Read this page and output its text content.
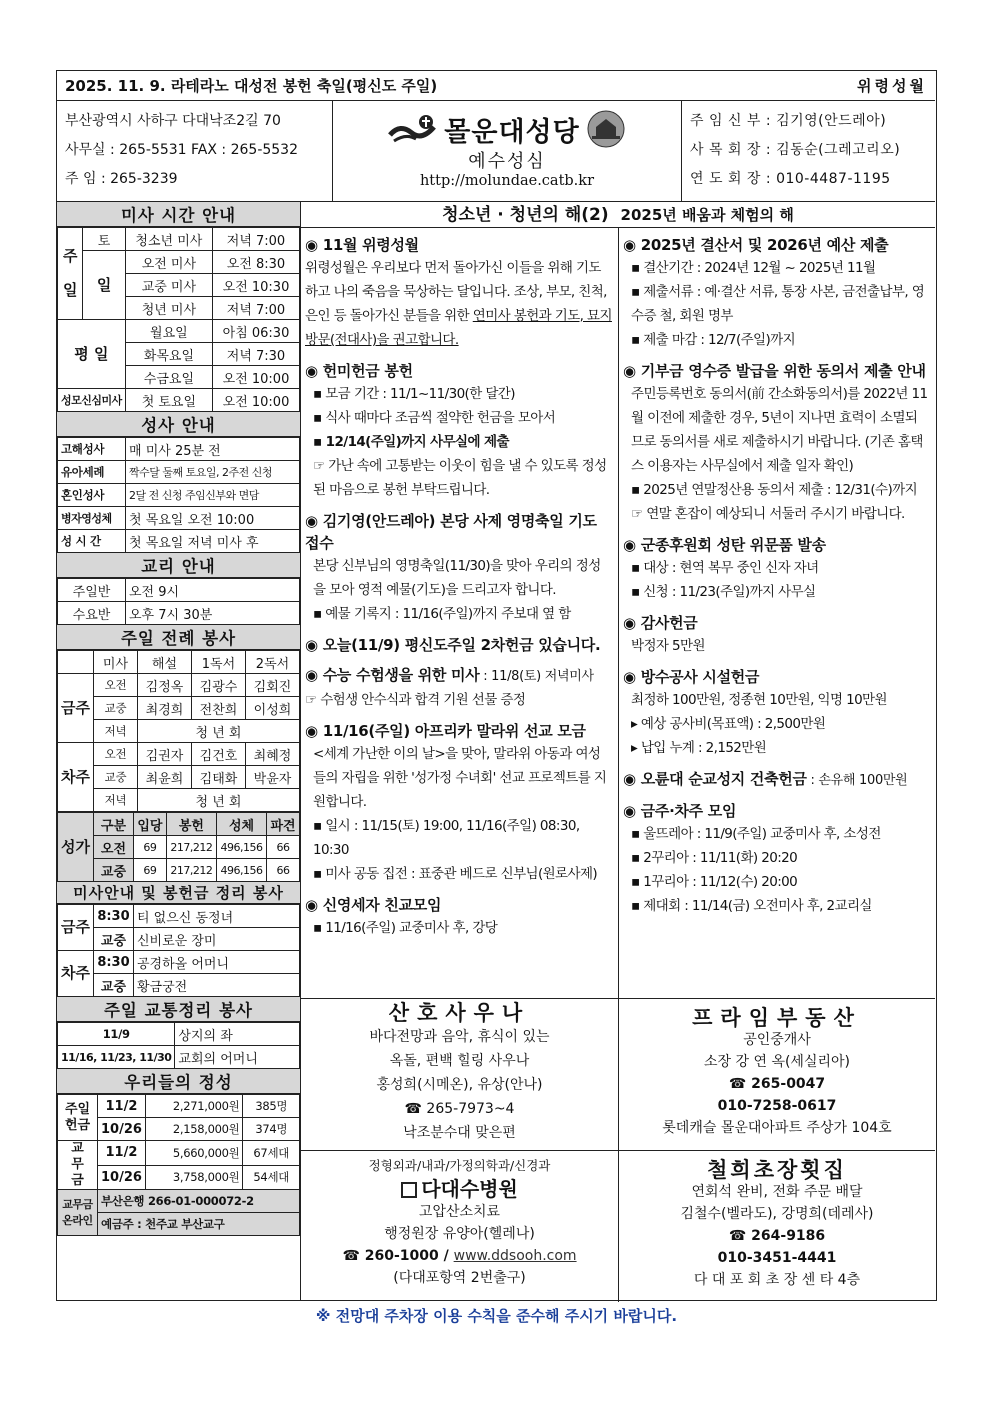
2025. 11. 9. 라테라노 대성전 봉헌 축일(평신도 주일)	위령성월
부산광역시 사하구 다대낙조2길 70
사무실 : 265-5531 FAX : 265-5532
주 임 : 265-3239
몰운대성당
예수성심
http://molundae.catb.kr
주 임 신 부 : 김기영(안드레아)
사 목 회 장 : 김동순(그레고리오)
연 도 회 장 : 010-4487-1195
미사 시간 안내
주

일	토	청소년 미사	저녁 7:00
	일	오전 미사	오전 8:30
		교중 미사	오전 10:30
		청년 미사	저녁 7:00
평 일		월요일	아침 06:30
		화목요일	저녁 7:30
		수금요일	오전 10:00
성모신심미사		첫 토요일	오전 10:00
성사 안내
고해성사	매 미사 25분 전
유아세례	짝수달 둘째 토요일, 2주전 신청
혼인성사	2달 전 신청 주임신부와 면담
병자영성체	첫 목요일 오전 10:00
성 시 간	첫 목요일 저녁 미사 후
교리 안내
주일반	오전 9시
수요반	오후 7시 30분
주일 전례 봉사
	미사	해설	1독서	2독서
금주	오전	김정옥	김광수	김회진
	교중	최경희	전찬희	이성희
	저녁	청 년 회		
차주	오전	김권자	김건호	최혜정
	교중	최윤희	김태화	박윤자
	저녁	청 년 회		
성가	구분	입당	봉헌	성체	파견
	오전	69	217,212	496,156	66
	교중	69	217,212	496,156	66
미사안내 및 봉헌금 정리 봉사
금주	8:30	티 없으신 동정녀
	교중	신비로운 장미
차주	8:30	공경하올 어머니
	교중	황금궁전
주일 교통정리 봉사
11/9	상지의 좌
11/16, 11/23, 11/30	교회의 어머니
우리들의 정성
주일헌금	11/2	2,271,000원	385명
	10/26	2,158,000원	374명
교무금	11/2	5,660,000원	67세대
	10/26	3,758,000원	54세대
교무금 온라인	부산은행 266-01-000072-2		
	예금주 : 천주교 부산교구		
청소년 · 청년의 해(2) 2025년 배움과 체험의 해
◉ 11월 위령성월
위령성월은 우리보다 먼저 돌아가신 이들을 위해 기도하고 나의 죽음을 묵상하는 달입니다. 조상, 부모, 친척, 은인 등 돌아가신 분들을 위한 연미사 봉헌과 기도, 묘지 방문(전대사)을 권고합니다.
◉ 헌미헌금 봉헌
▪ 모금 기간 : 11/1~11/30(한 달간)
▪ 식사 때마다 조금씩 절약한 헌금을 모아서
▪ 12/14(주일)까지 사무실에 제출
☞ 가난 속에 고통받는 이웃이 힘을 낼 수 있도록 정성된 마음으로 봉헌 부탁드립니다.
◉ 김기영(안드레아) 본당 사제 영명축일 기도 접수
본당 신부님의 영명축일(11/30)을 맞아 우리의 정성을 모아 영적 예물(기도)을 드리고자 합니다.
▪ 예물 기록지 : 11/16(주일)까지 주보대 옆 함
◉ 오늘(11/9) 평신도주일 2차헌금 있습니다.
◉ 수능 수험생을 위한 미사 : 11/8(토) 저녁미사
☞ 수험생 안수식과 합격 기원 선물 증정
◉ 11/16(주일) 아프리카 말라위 선교 모금
<세계 가난한 이의 날>을 맞아, 말라위 아동과 여성들의 자립을 위한 '성가정 수녀회' 선교 프로젝트를 지원합니다.
▪ 일시 : 11/15(토) 19:00, 11/16(주일) 08:30, 10:30
▪ 미사 공동 집전 : 표중관 베드로 신부님(원로사제)
◉ 신영세자 친교모임
▪ 11/16(주일) 교중미사 후, 강당
◉ 2025년 결산서 및 2026년 예산 제출
▪ 결산기간 : 2024년 12월 ~ 2025년 11월
▪ 제출서류 : 예·결산 서류, 통장 사본, 금전출납부, 영수증 철, 회원 명부
▪ 제출 마감 : 12/7(주일)까지
◉ 기부금 영수증 발급을 위한 동의서 제출 안내
주민등록번호 동의서(前 간소화동의서)를 2022년 11월 이전에 제출한 경우, 5년이 지나면 효력이 소멸되므로 동의서를 새로 제출하시기 바랍니다. (기존 홈택스 이용자는 사무실에서 제출 일자 확인)
▪ 2025년 연말정산용 동의서 제출 : 12/31(수)까지
☞ 연말 혼잡이 예상되니 서둘러 주시기 바랍니다.
◉ 군종후원회 성탄 위문품 발송
▪ 대상 : 현역 복무 중인 신자 자녀
▪ 신청 : 11/23(주일)까지 사무실
◉ 감사헌금
박정자 5만원
◉ 방수공사 시설헌금
최정하 100만원, 정종현 10만원, 익명 10만원
▸ 예상 공사비(목표액) : 2,500만원
▸ 납입 누계 : 2,152만원
◉ 오륜대 순교성지 건축헌금 : 손유해 100만원
◉ 금주·차주 모임
▪ 울뜨레아 : 11/9(주일) 교중미사 후, 소성전
▪ 2꾸리아 : 11/11(화) 20:20
▪ 1꾸리아 : 11/12(수) 20:00
▪ 제대회 : 11/14(금) 오전미사 후, 2교리실
산호사우나
바다전망과 음악, 휴식이 있는
옥돌, 편백 힐링 사우나
홍성희(시메온), 유상(안나)
☎ 265-7973~4
낙조분수대 맞은편
프라임부동산
공인중개사
소장 강 연 옥(세실리아)
☎ 265-0047
010-7258-0617
롯데캐슬 몰운대아파트 주상가 104호
정형외과/내과/가정의학과/신경과
다대수병원
고압산소치료
행정원장 유양아(헬레나)
☎ 260-1000 / www.ddsooh.com
(다대포항역 2번출구)
철희초장횟집
연회석 완비, 전화 주문 배달
김철수(벨라도), 강명희(데레사)
☎ 264-9186
010-3451-4441
다 대 포 회 초 장 센 타 4층
※ 전망대 주차장 이용 수칙을 준수해 주시기 바랍니다.
